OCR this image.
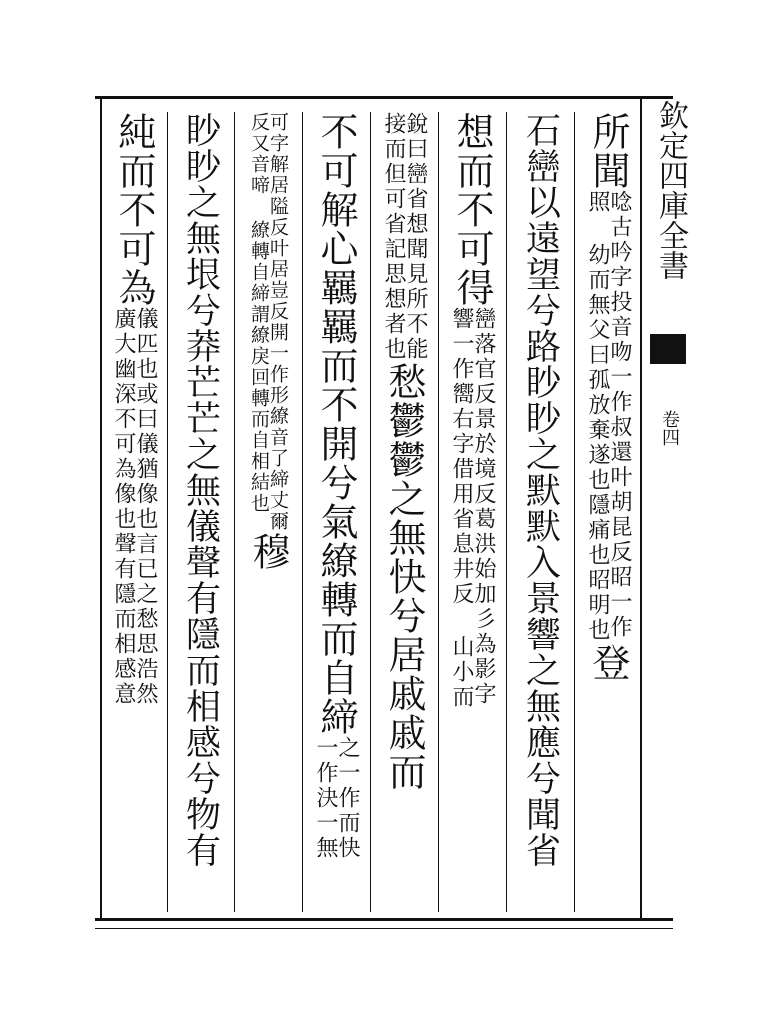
欽定四庫全書
卷四
所聞
唸古吟字投音吻一作叔還叶胡昆反昭一作
照 幼而無父曰孤放棄遂也隱痛也昭明也
登
石巒以遠望兮路眇眇之默默入景響之無應兮聞省
想而不可得
巒落官反景於境反葛洪始加彡為影字
響一作嚮右字借用省息井反 山小而
銳曰巒省想聞見所不能
接而但可省記思想者也
愁鬱鬱之無快兮居戚戚而
不可解心羈羈而不開兮氣繚轉而自締
之一作而快
一作決一無
可字解居隘反叶居豈反開一作形繚音了締丈爾
反又音啼 繚轉自締謂繚戾回轉而自相結也
穆
眇眇之無垠兮莽芒芒之無儀聲有隱而相感兮物有
純而不可為
儀匹也或曰儀猶像也言已之愁思浩然
廣大幽深不可為像也聲有隱而相感意
